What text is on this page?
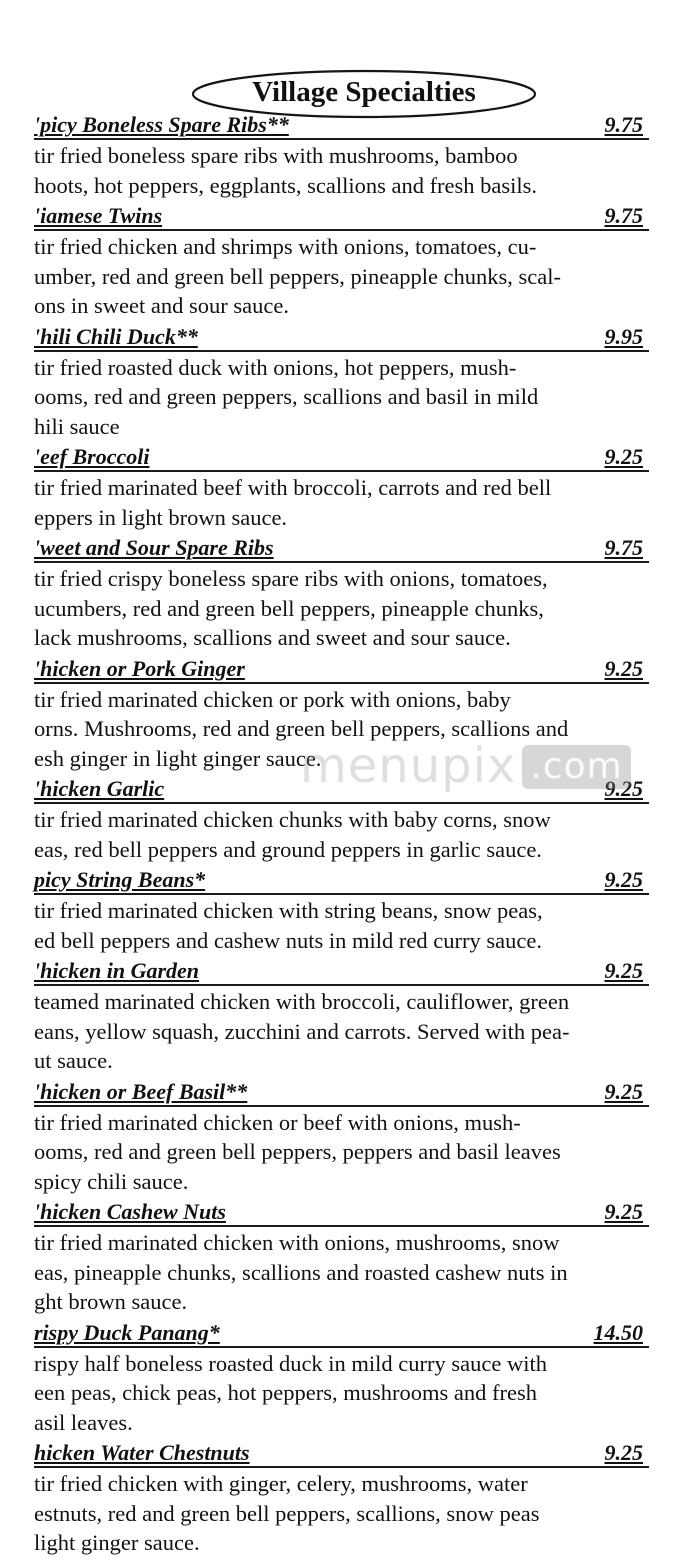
Village Specialties
'picy Boneless Spare Ribs**	9.75
tir fried boneless spare ribs with mushrooms, bamboo
hoots, hot peppers, eggplants, scallions and fresh basils.
'iamese Twins	9.75
tir fried chicken and shrimps with onions, tomatoes, cu-
umber, red and green bell peppers, pineapple chunks, scal-
ons in sweet and sour sauce.
'hili Chili Duck**	9.95
tir fried roasted duck with onions, hot peppers, mush-
ooms, red and green peppers, scallions and basil in mild
hili sauce
'eef Broccoli	9.25
tir fried marinated beef with broccoli, carrots and red bell
eppers in light brown sauce.
'weet and Sour Spare Ribs	9.75
tir fried crispy boneless spare ribs with onions, tomatoes,
ucumbers, red and green bell peppers, pineapple chunks,
lack mushrooms, scallions and sweet and sour sauce.
'hicken or Pork Ginger	9.25
tir fried marinated chicken or pork with onions, baby
orns. Mushrooms, red and green bell peppers, scallions and
esh ginger in light ginger sauce.
'hicken Garlic	9.25
tir fried marinated chicken chunks with baby corns, snow
eas, red bell peppers and ground peppers in garlic sauce.
picy String Beans*	9.25
tir fried marinated chicken with string beans, snow peas,
ed bell peppers and cashew nuts in mild red curry sauce.
'hicken in Garden	9.25
teamed marinated chicken with broccoli, cauliflower, green
eans, yellow squash, zucchini and carrots. Served with pea-
ut sauce.
'hicken or Beef Basil**	9.25
tir fried marinated chicken or beef with onions, mush-
ooms, red and green bell peppers, peppers and basil leaves
spicy chili sauce.
'hicken Cashew Nuts	9.25
tir fried marinated chicken with onions, mushrooms, snow
eas, pineapple chunks, scallions and roasted cashew nuts in
ght brown sauce.
rispy Duck Panang*	14.50
rispy half boneless roasted duck in mild curry sauce with
een peas, chick peas, hot peppers, mushrooms and fresh
asil leaves.
hicken Water Chestnuts	9.25
tir fried chicken with ginger, celery, mushrooms, water
estnuts, red and green bell peppers, scallions, snow peas
light ginger sauce.
menupix .com
